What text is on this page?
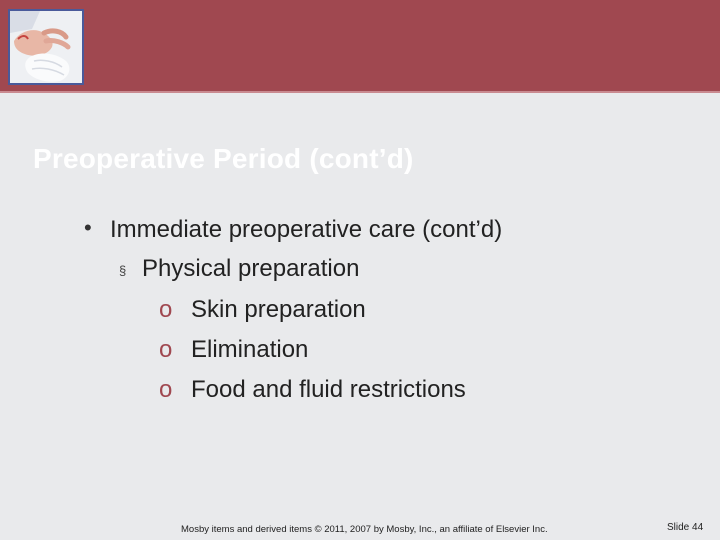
Preoperative Period (cont’d)
• Immediate preoperative care (cont’d)
§ Physical preparation
o Skin preparation
o Elimination
o Food and fluid restrictions
Mosby items and derived items © 2011, 2007 by Mosby, Inc., an affiliate of Elsevier Inc.	Slide 44
